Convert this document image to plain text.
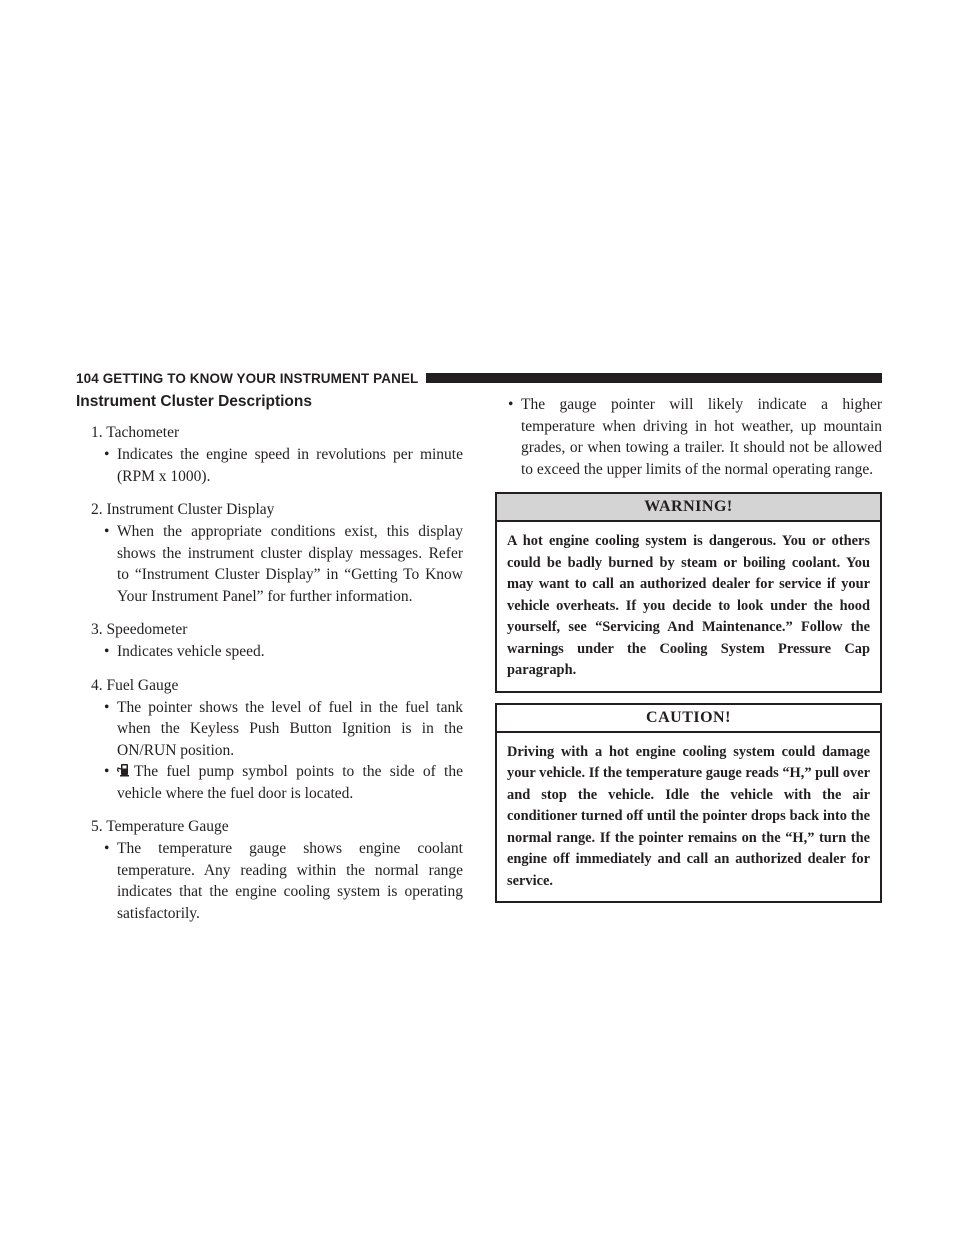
104 GETTING TO KNOW YOUR INSTRUMENT PANEL
Instrument Cluster Descriptions
1. Tachometer
• Indicates the engine speed in revolutions per minute (RPM x 1000).
2. Instrument Cluster Display
• When the appropriate conditions exist, this display shows the instrument cluster display messages. Refer to “Instrument Cluster Display” in “Getting To Know Your Instrument Panel” for further information.
3. Speedometer
• Indicates vehicle speed.
4. Fuel Gauge
• The pointer shows the level of fuel in the fuel tank when the Keyless Push Button Ignition is in the ON/RUN position.
• The fuel pump symbol points to the side of the vehicle where the fuel door is located.
5. Temperature Gauge
• The temperature gauge shows engine coolant temperature. Any reading within the normal range indicates that the engine cooling system is operating satisfactorily.
• The gauge pointer will likely indicate a higher temperature when driving in hot weather, up mountain grades, or when towing a trailer. It should not be allowed to exceed the upper limits of the normal operating range.
WARNING!
A hot engine cooling system is dangerous. You or others could be badly burned by steam or boiling coolant. You may want to call an authorized dealer for service if your vehicle overheats. If you decide to look under the hood yourself, see “Servicing And Maintenance.” Follow the warnings under the Cooling System Pressure Cap paragraph.
CAUTION!
Driving with a hot engine cooling system could damage your vehicle. If the temperature gauge reads “H,” pull over and stop the vehicle. Idle the vehicle with the air conditioner turned off until the pointer drops back into the normal range. If the pointer remains on the “H,” turn the engine off immediately and call an authorized dealer for service.
